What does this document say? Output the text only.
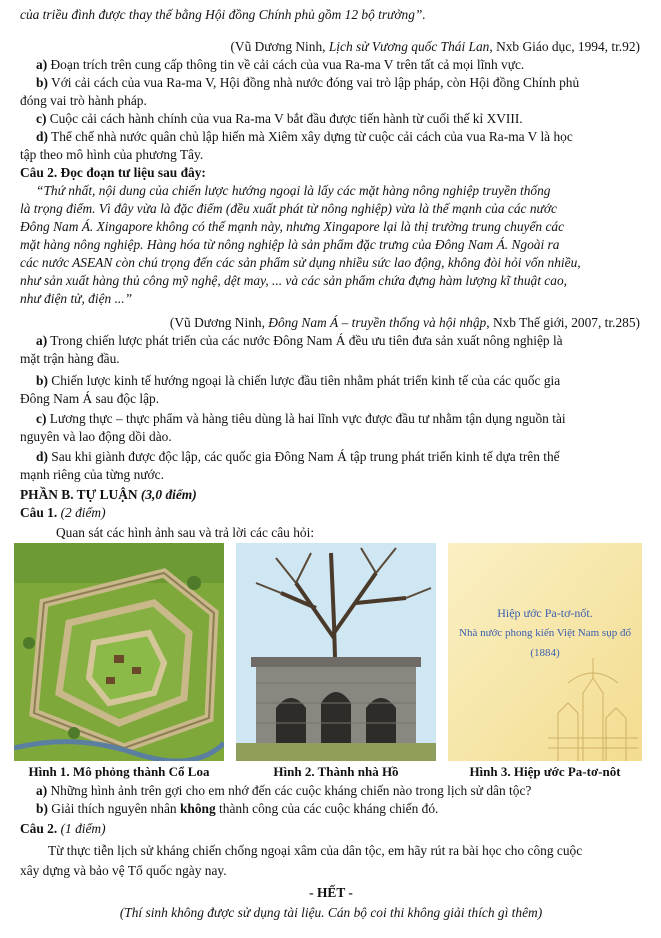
của triều đình được thay thế bằng Hội đồng Chính phủ gồm 12 bộ trưởng”.
(Vũ Dương Ninh, Lịch sử Vương quốc Thái Lan, Nxb Giáo dục, 1994, tr.92)
a) Đoạn trích trên cung cấp thông tin về cải cách của vua Ra-ma V trên tất cả mọi lĩnh vực.
b) Với cải cách của vua Ra-ma V, Hội đồng nhà nước đóng vai trò lập pháp, còn Hội đồng Chính phủ
đóng vai trò hành pháp.
c) Cuộc cải cách hành chính của vua Ra-ma V bắt đầu được tiến hành từ cuối thế kỉ XVIII.
d) Thể chế nhà nước quân chủ lập hiến mà Xiêm xây dựng từ cuộc cải cách của vua Ra-ma V là học
tập theo mô hình của phương Tây.
Câu 2. Đọc đoạn tư liệu sau đây:
“Thứ nhất, nội dung của chiến lược hướng ngoại là lấy các mặt hàng nông nghiệp truyền thống
là trọng điểm. Vì đây vừa là đặc điểm (đều xuất phát từ nông nghiệp) vừa là thế mạnh của các nước
Đông Nam Á. Xingapore không có thế mạnh này, nhưng Xingapore lại là thị trường trung chuyển các
mặt hàng nông nghiệp. Hàng hóa từ nông nghiệp là sản phẩm đặc trưng của Đông Nam Á. Ngoài ra
các nước ASEAN còn chú trọng đến các sản phẩm sử dụng nhiều sức lao động, không đòi hỏi vốn nhiều,
như sản xuất hàng thủ công mỹ nghệ, dệt may, ... và các sản phẩm chứa đựng hàm lượng kĩ thuật cao,
như điện tử, điện ...”
(Vũ Dương Ninh, Đông Nam Á – truyền thống và hội nhập, Nxb Thế giới, 2007, tr.285)
a) Trong chiến lược phát triển của các nước Đông Nam Á đều ưu tiên đưa sản xuất nông nghiệp là
mặt trận hàng đầu.
b) Chiến lược kinh tế hướng ngoại là chiến lược đầu tiên nhằm phát triển kinh tế của các quốc gia
Đông Nam Á sau độc lập.
c) Lương thực – thực phẩm và hàng tiêu dùng là hai lĩnh vực được đầu tư nhằm tận dụng nguồn tài
nguyên và lao động dồi dào.
d) Sau khi giành được độc lập, các quốc gia Đông Nam Á tập trung phát triển kinh tế dựa trên thế
mạnh riêng của từng nước.
PHẦN B. TỰ LUẬN (3,0 điểm)
Câu 1. (2 điểm)
Quan sát các hình ảnh sau và trả lời các câu hỏi:
Hiệp ước Pa-tơ-nốt.
Nhà nước phong kiến Việt Nam sụp đổ (1884)
Hình 1. Mô phỏng thành Cổ Loa	Hình 2. Thành nhà Hồ	Hình 3. Hiệp ước Pa-tơ-nôt
a) Những hình ảnh trên gợi cho em nhớ đến các cuộc kháng chiến nào trong lịch sử dân tộc?
b) Giải thích nguyên nhân không thành công của các cuộc kháng chiến đó.
Câu 2. (1 điểm)
Từ thực tiễn lịch sử kháng chiến chống ngoại xâm của dân tộc, em hãy rút ra bài học cho công cuộc
xây dựng và bảo vệ Tổ quốc ngày nay.
- HẾT -
(Thí sinh không được sử dụng tài liệu. Cán bộ coi thi không giải thích gì thêm)
